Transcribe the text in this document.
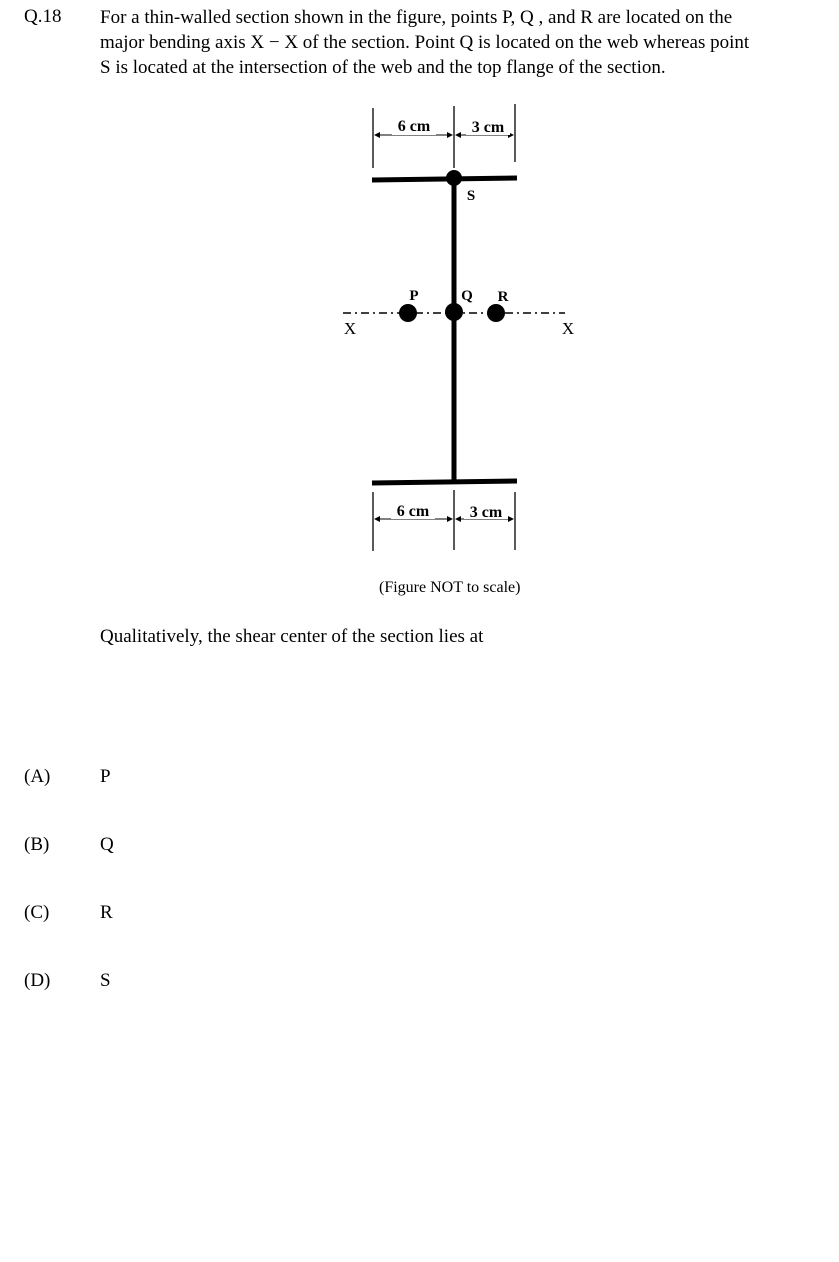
Q.18 For a thin-walled section shown in the figure, points P, Q , and R are located on the
major bending axis X − X of the section. Point Q is located on the web whereas point
S is located at the intersection of the web and the top flange of the section.
6 cm	3 cm
S
X	X
P	Q R
6 cm	3 cm
(Figure NOT to scale)
Qualitatively, the shear center of the section lies at
(A)	P
(B)	Q
(C)	R
(D)	S
